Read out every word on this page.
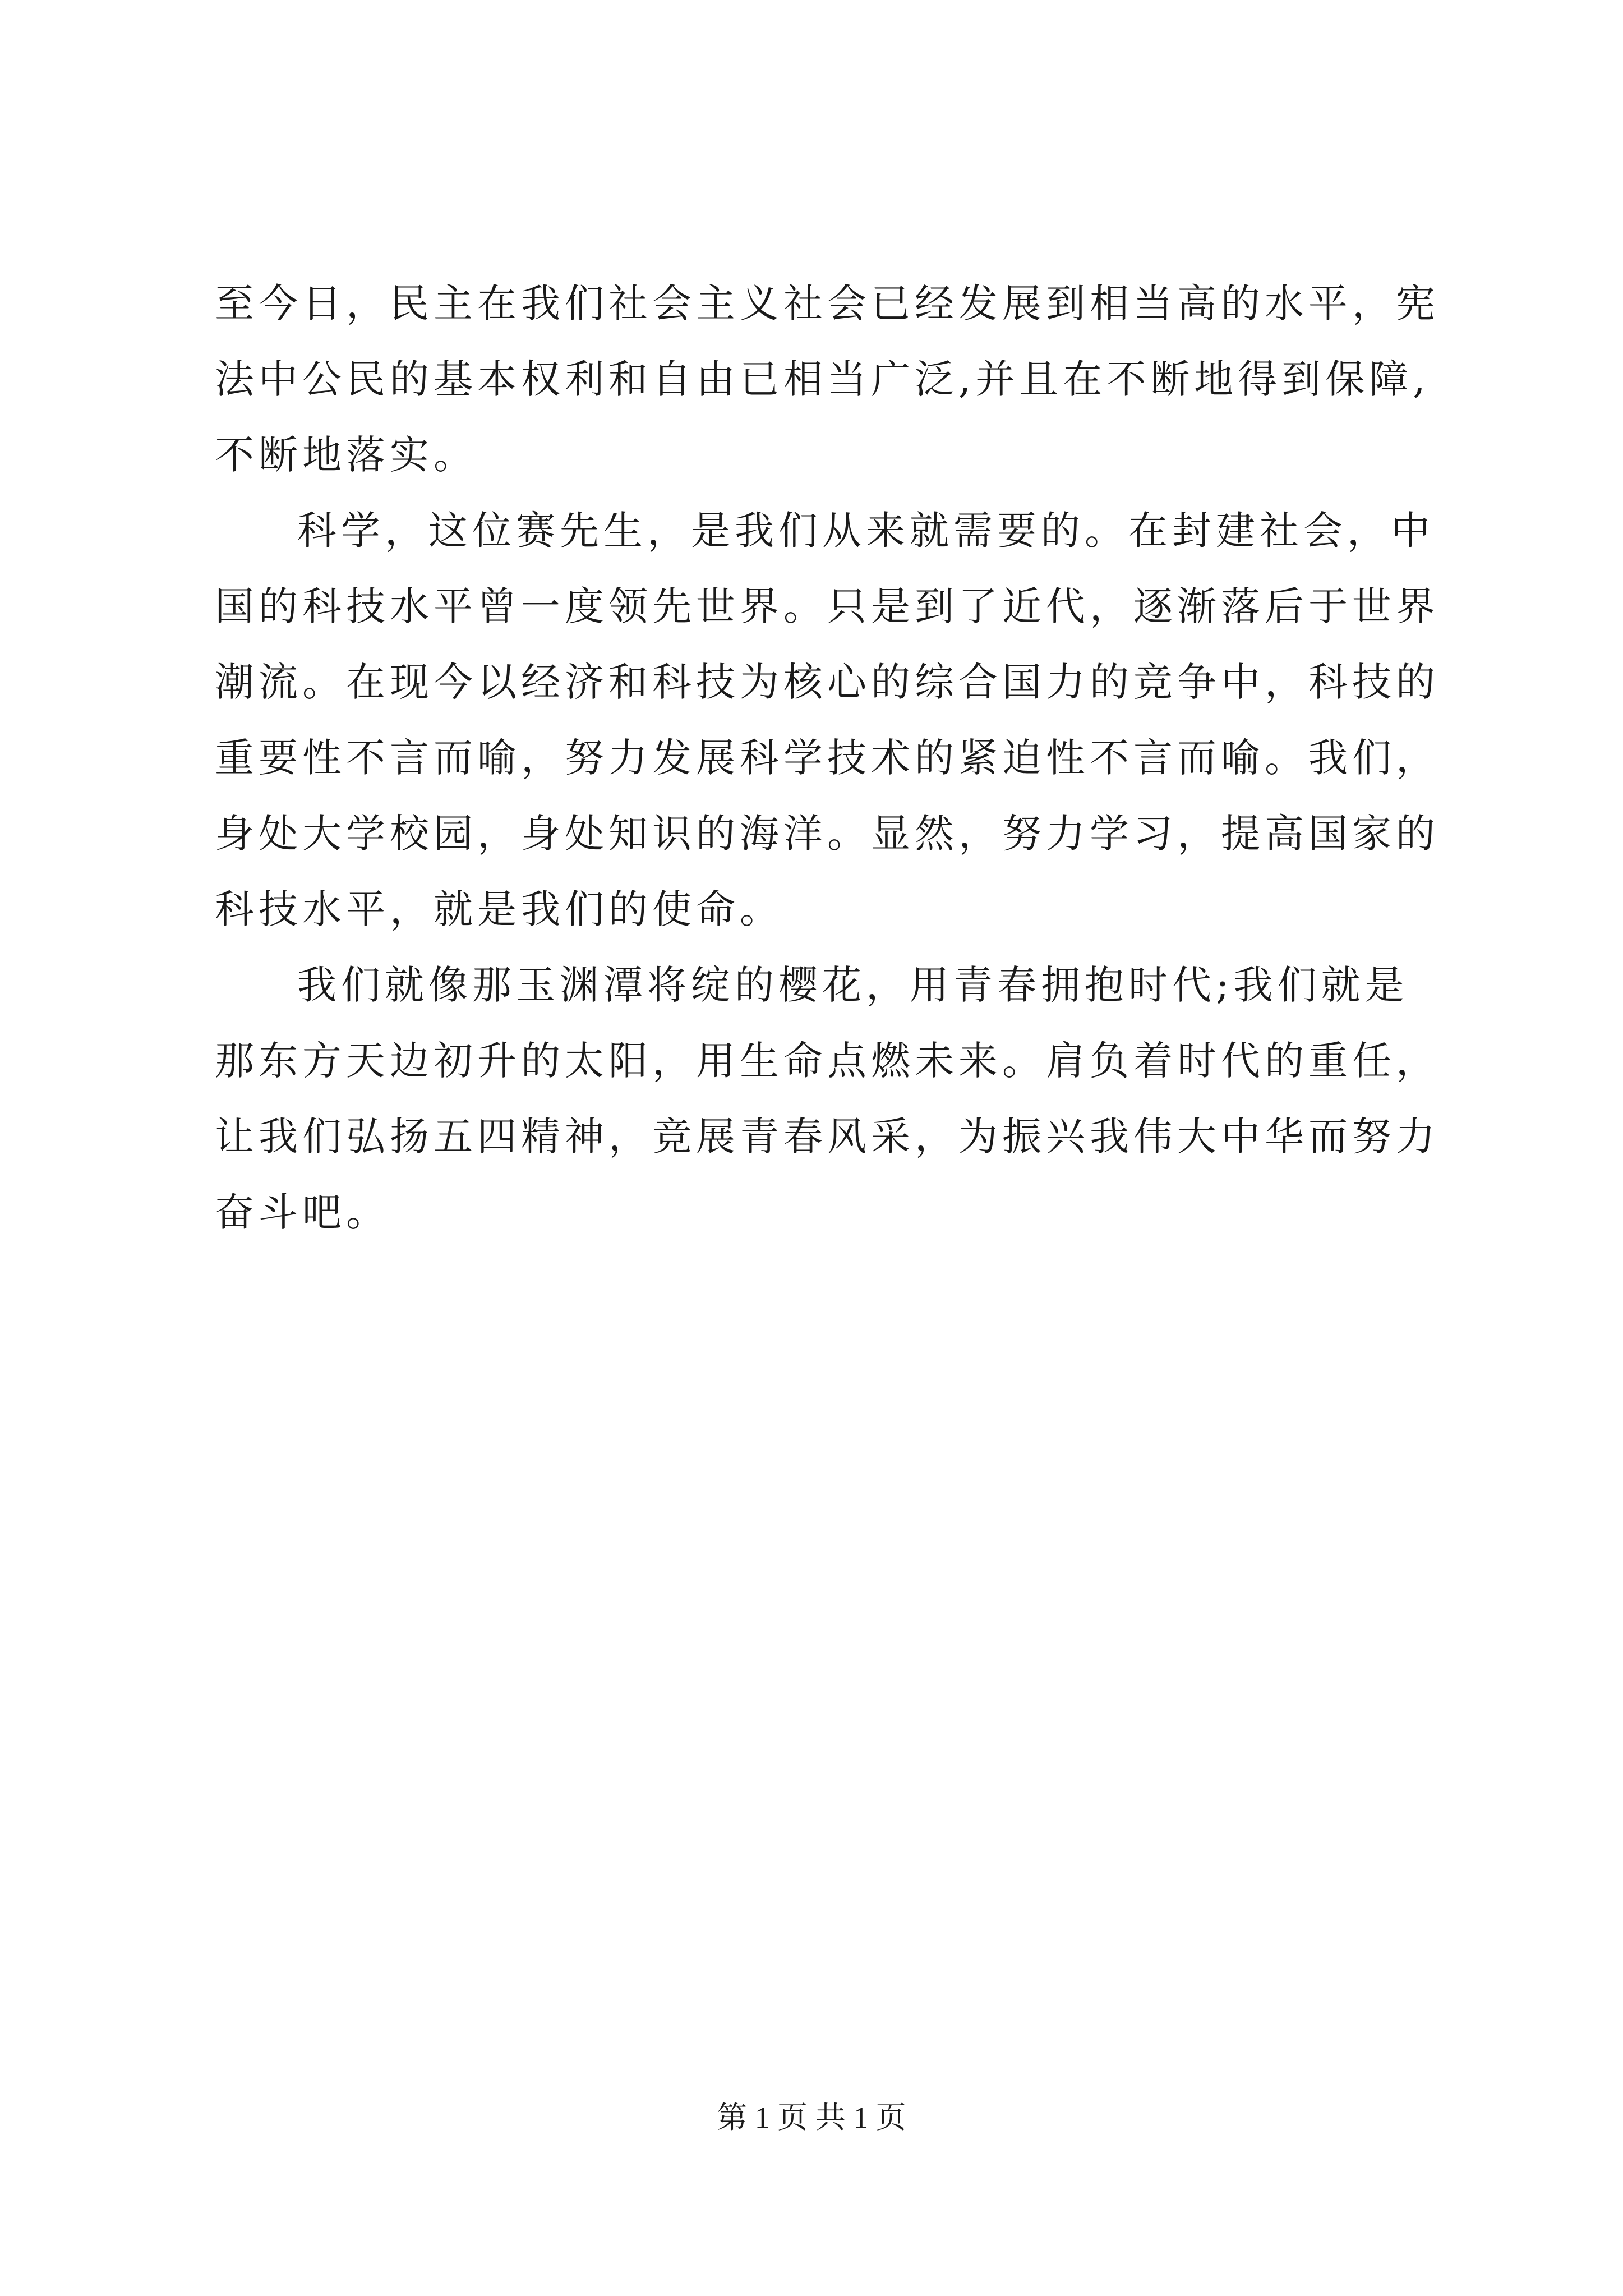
至今日，民主在我们社会主义社会已经发展到相当高的水平，宪
法中公民的基本权利和自由已相当广泛,并且在不断地得到保障,
不断地落实。
科学，这位赛先生，是我们从来就需要的。在封建社会，中
国的科技水平曾一度领先世界。只是到了近代，逐渐落后于世界
潮流。在现今以经济和科技为核心的综合国力的竞争中，科技的
重要性不言而喻，努力发展科学技术的紧迫性不言而喻。我们，
身处大学校园，身处知识的海洋。显然，努力学习，提高国家的
科技水平，就是我们的使命。
我们就像那玉渊潭将绽的樱花，用青春拥抱时代;我们就是
那东方天边初升的太阳，用生命点燃未来。肩负着时代的重任，
让我们弘扬五四精神，竞展青春风采，为振兴我伟大中华而努力
奋斗吧。
第 1 页 共 1 页
